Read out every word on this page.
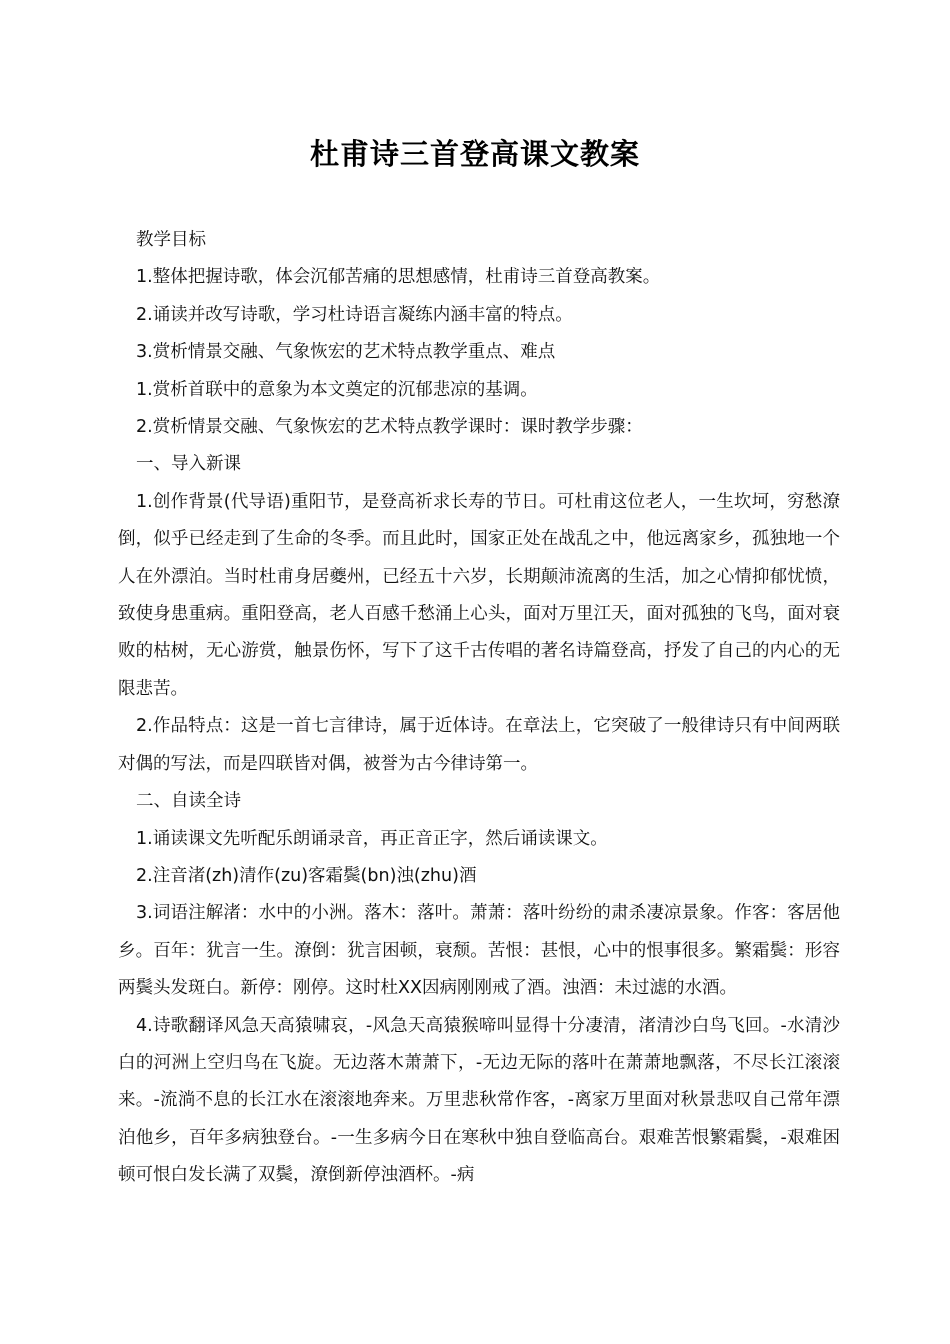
杜甫诗三首登高课文教案

教学目标

1.整体把握诗歌，体会沉郁苦痛的思想感情，杜甫诗三首登高教案。

2.诵读并改写诗歌，学习杜诗语言凝练内涵丰富的特点。

3.赏析情景交融、气象恢宏的艺术特点教学重点、难点

1.赏析首联中的意象为本文奠定的沉郁悲凉的基调。

2.赏析情景交融、气象恢宏的艺术特点教学课时：课时教学步骤：

一、导入新课

1.创作背景(代导语)重阳节，是登高祈求长寿的节日。可杜甫这位老人，一生坎坷，穷愁潦倒，似乎已经走到了生命的冬季。而且此时，国家正处在战乱之中，他远离家乡，孤独地一个人在外漂泊。当时杜甫身居夔州，已经五十六岁，长期颠沛流离的生活，加之心情抑郁忧愤，致使身患重病。重阳登高，老人百感千愁涌上心头，面对万里江天，面对孤独的飞鸟，面对衰败的枯树，无心游赏，触景伤怀，写下了这千古传唱的著名诗篇登高，抒发了自己的内心的无限悲苦。

2.作品特点：这是一首七言律诗，属于近体诗。在章法上，它突破了一般律诗只有中间两联对偶的写法，而是四联皆对偶，被誉为古今律诗第一。

二、自读全诗

1.诵读课文先听配乐朗诵录音，再正音正字，然后诵读课文。

2.注音渚(zh)清作(zu)客霜鬓(bn)浊(zhu)酒

3.词语注解渚：水中的小洲。落木：落叶。萧萧：落叶纷纷的肃杀凄凉景象。作客：客居他乡。百年：犹言一生。潦倒：犹言困顿，衰颓。苦恨：甚恨，心中的恨事很多。繁霜鬓：形容两鬓头发斑白。新停：刚停。这时杜XX因病刚刚戒了酒。浊酒：未过滤的水酒。

4.诗歌翻译风急天高猿啸哀，-风急天高猿猴啼叫显得十分凄清，渚清沙白鸟飞回。-水清沙白的河洲上空归鸟在飞旋。无边落木萧萧下，-无边无际的落叶在萧萧地飘落，不尽长江滚滚来。-流淌不息的长江水在滚滚地奔来。万里悲秋常作客，-离家万里面对秋景悲叹自己常年漂泊他乡，百年多病独登台。-一生多病今日在寒秋中独自登临高台。艰难苦恨繁霜鬓，-艰难困顿可恨白发长满了双鬓，潦倒新停浊酒杯。-病
